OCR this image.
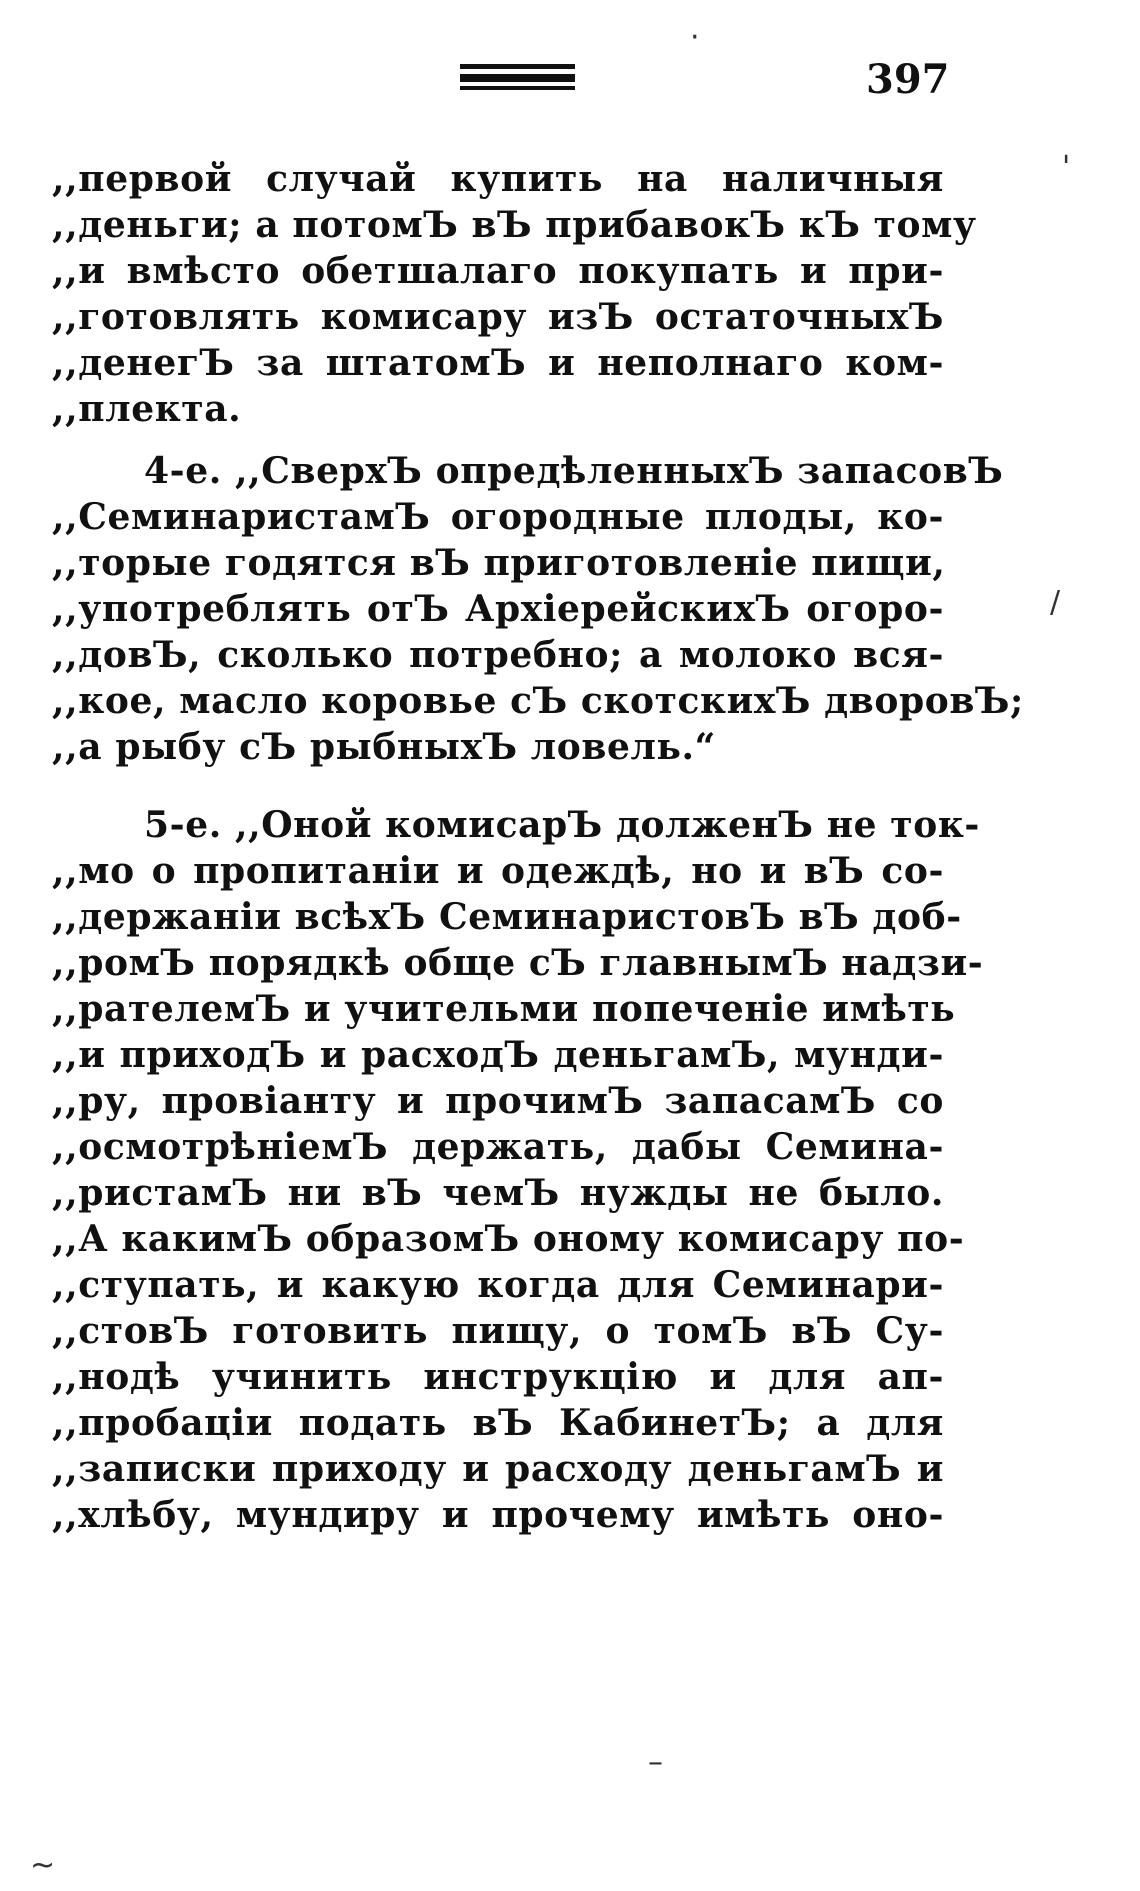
397
,,первой случай купить на наличныя
,,деньги; а потомЪ вЪ прибавокЪ кЪ тому
,,и вмѣсто обетшалаго покупать и при-
,,готовлять комисару изЪ остаточныхЪ
,,денегЪ за штатомЪ и неполнаго ком-
,,плекта.
4-е. ,,СверхЪ опредѣленныхЪ запасовЪ
,,СеминаристамЪ огородные плоды, ко-
,,торые годятся вЪ приготовленіе пищи,
,,употреблять отЪ АрхіерейскихЪ огоро-
,,довЪ, сколько потребно; а молоко вся-
,,кое, масло коровье сЪ скотскихЪ дворовЪ;
,,а рыбу сЪ рыбныхЪ ловель.“
5-е. ,,Оной комисарЪ долженЪ не ток-
,,мо о пропитаніи и одеждѣ, но и вЪ со-
,,держаніи всѣхЪ СеминаристовЪ вЪ доб-
,,ромЪ порядкѣ обще сЪ главнымЪ надзи-
,,рателемЪ и учительми попеченіе имѣть
,,и приходЪ и расходЪ деньгамЪ, мунди-
,,ру, провіанту и прочимЪ запасамЪ со
,,осмотрѣніемЪ держать, дабы Семина-
,,ристамЪ ни вЪ чемЪ нужды не было.
,,А какимЪ образомЪ оному комисару по-
,,ступать, и какую когда для Семинари-
,,стовЪ готовить пищу, о томЪ вЪ Су-
,,нодѣ учинить инструкцію и для ап-
,,пробаціи подать вЪ КабинетЪ; а для
,,записки приходу и расходу деньгамЪ и
,,хлѣбу, мундиру и прочему имѣть оно-
·
'
/
–
~
